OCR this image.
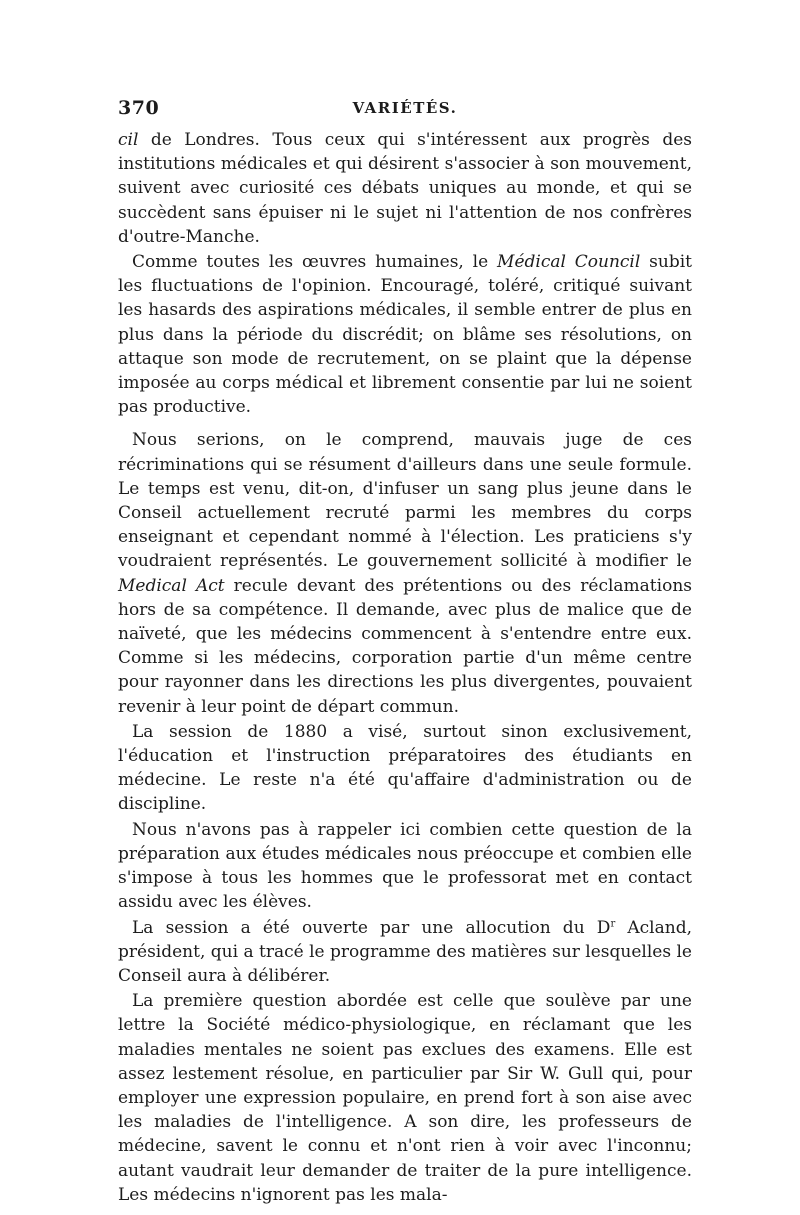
370	VARIÉTÉS.

cil de Londres. Tous ceux qui s'intéressent aux progrès des institutions médicales et qui désirent s'associer à son mouvement, suivent avec curiosité ces débats uniques au monde, et qui se succèdent sans épuiser ni le sujet ni l'attention de nos confrères d'outre-Manche.

Comme toutes les œuvres humaines, le Médical Council subit les fluctuations de l'opinion. Encouragé, toléré, critiqué suivant les hasards des aspirations médicales, il semble entrer de plus en plus dans la période du discrédit; on blâme ses résolutions, on attaque son mode de recrutement, on se plaint que la dépense imposée au corps médical et librement consentie par lui ne soient pas productive.

Nous serions, on le comprend, mauvais juge de ces récriminations qui se résument d'ailleurs dans une seule formule. Le temps est venu, dit-on, d'infuser un sang plus jeune dans le Conseil actuellement recruté parmi les membres du corps enseignant et cependant nommé à l'élection. Les praticiens s'y voudraient représentés. Le gouvernement sollicité à modifier le Medical Act recule devant des prétentions ou des réclamations hors de sa compétence. Il demande, avec plus de malice que de naïveté, que les médecins commencent à s'entendre entre eux. Comme si les médecins, corporation partie d'un même centre pour rayonner dans les directions les plus divergentes, pouvaient revenir à leur point de départ commun.

La session de 1880 a visé, surtout sinon exclusivement, l'éducation et l'instruction préparatoires des étudiants en médecine. Le reste n'a été qu'affaire d'administration ou de discipline.

Nous n'avons pas à rappeler ici combien cette question de la préparation aux études médicales nous préoccupe et combien elle s'impose à tous les hommes que le professorat met en contact assidu avec les élèves.

La session a été ouverte par une allocution du $D^r$ Acland, président, qui a tracé le programme des matières sur lesquelles le Conseil aura à délibérer.

La première question abordée est celle que soulève par une lettre la Société médico-physiologique, en réclamant que les maladies mentales ne soient pas exclues des examens. Elle est assez lestement résolue, en particulier par Sir W. Gull qui, pour employer une expression populaire, en prend fort à son aise avec les maladies de l'intelligence. A son dire, les professeurs de médecine, savent le connu et n'ont rien à voir avec l'inconnu; autant vaudrait leur demander de traiter de la pure intelligence. Les médecins n'ignorent pas les mala-
